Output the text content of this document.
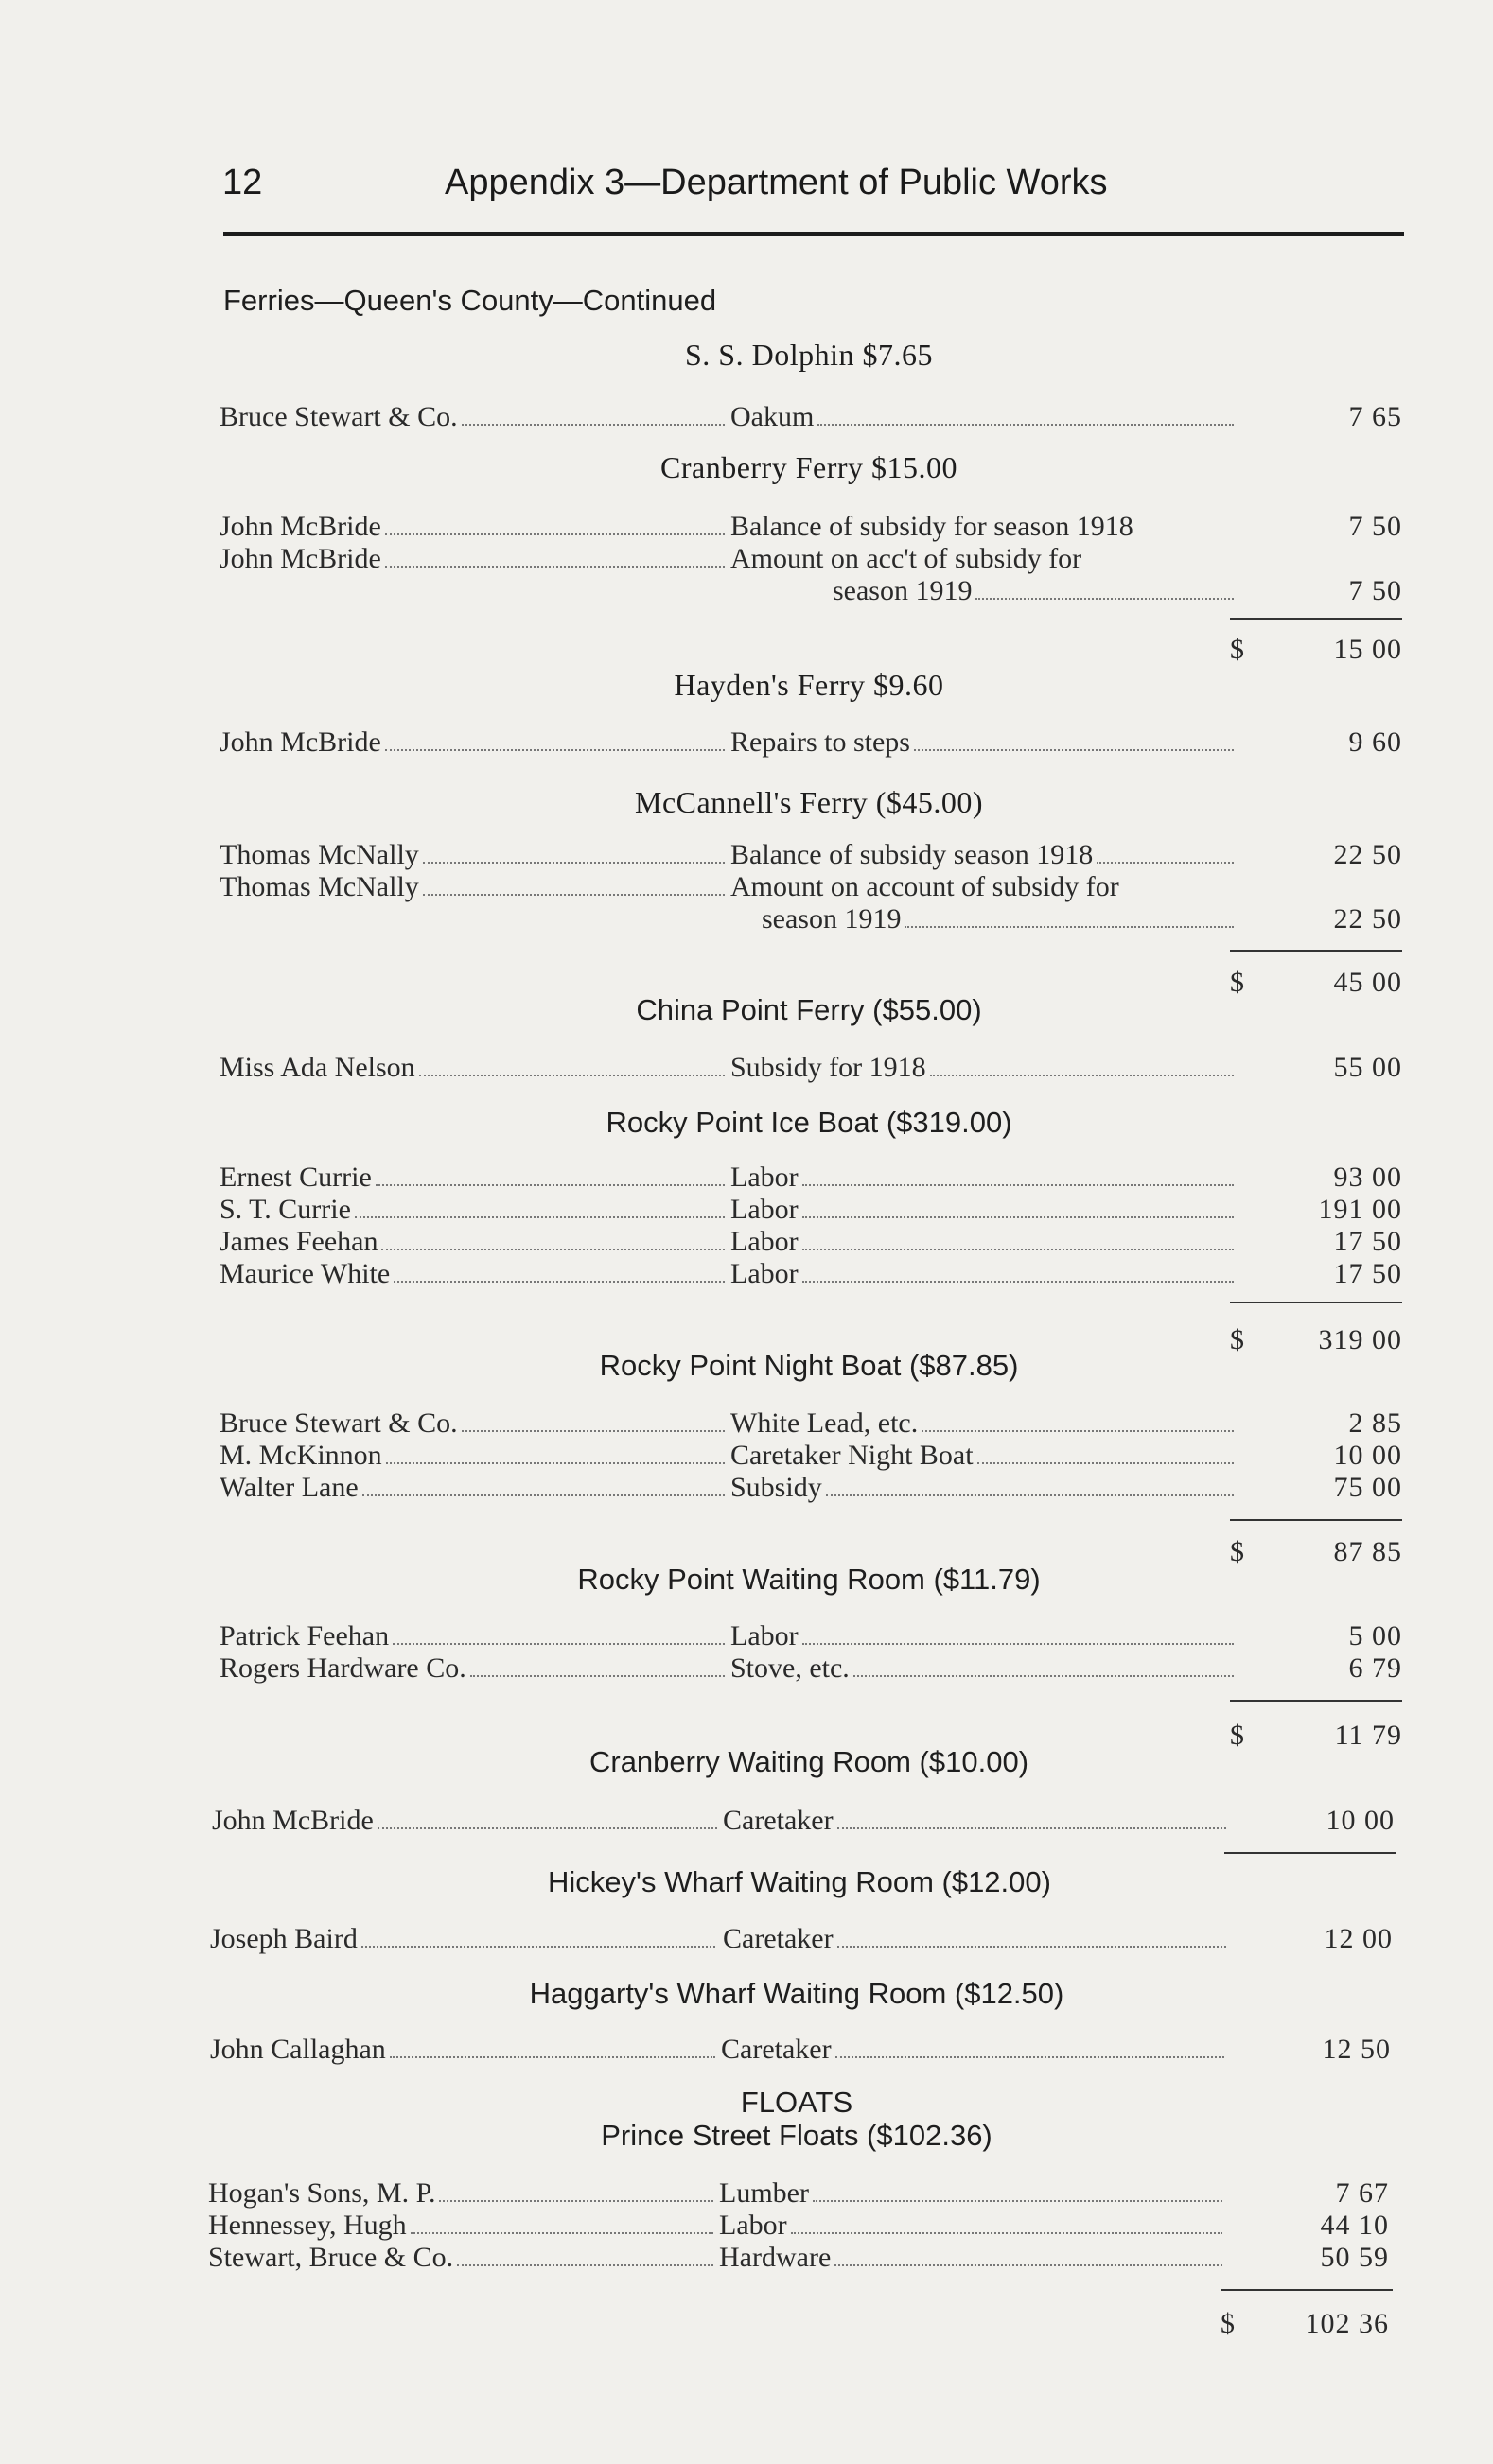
12	Appendix 3—Department of Public Works
Ferries—Queen's County—Continued
S. S. Dolphin $7.65
Bruce Stewart & Co.	Oakum	7 65
Cranberry Ferry $15.00
John McBride	Balance of subsidy for season 1918	7 50
John McBride	Amount on acc't of subsidy for
season 1919	7 50
$	15 00
Hayden's Ferry $9.60
John McBride	Repairs to steps	9 60
McCannell's Ferry ($45.00)
Thomas McNally	Balance of subsidy season 1918	22 50
Thomas McNally	Amount on account of subsidy for
season 1919	22 50
$	45 00
China Point Ferry ($55.00)
Miss Ada Nelson	Subsidy for 1918	55 00
Rocky Point Ice Boat ($319.00)
Ernest Currie	Labor	93 00
S. T. Currie	Labor	191 00
James Feehan	Labor	17 50
Maurice White	Labor	17 50
$	319 00
Rocky Point Night Boat ($87.85)
Bruce Stewart & Co.	White Lead, etc.	2 85
M. McKinnon	Caretaker Night Boat	10 00
Walter Lane	Subsidy	75 00
$	87 85
Rocky Point Waiting Room ($11.79)
Patrick Feehan	Labor	5 00
Rogers Hardware Co.	Stove, etc.	6 79
$	11 79
Cranberry Waiting Room ($10.00)
John McBride	Caretaker	10 00
Hickey's Wharf Waiting Room ($12.00)
Joseph Baird	Caretaker	12 00
Haggarty's Wharf Waiting Room ($12.50)
John Callaghan	Caretaker	12 50
FLOATS
Prince Street Floats ($102.36)
Hogan's Sons, M. P.	Lumber	7 67
Hennessey, Hugh	Labor	44 10
Stewart, Bruce & Co.	Hardware	50 59
$	102 36
